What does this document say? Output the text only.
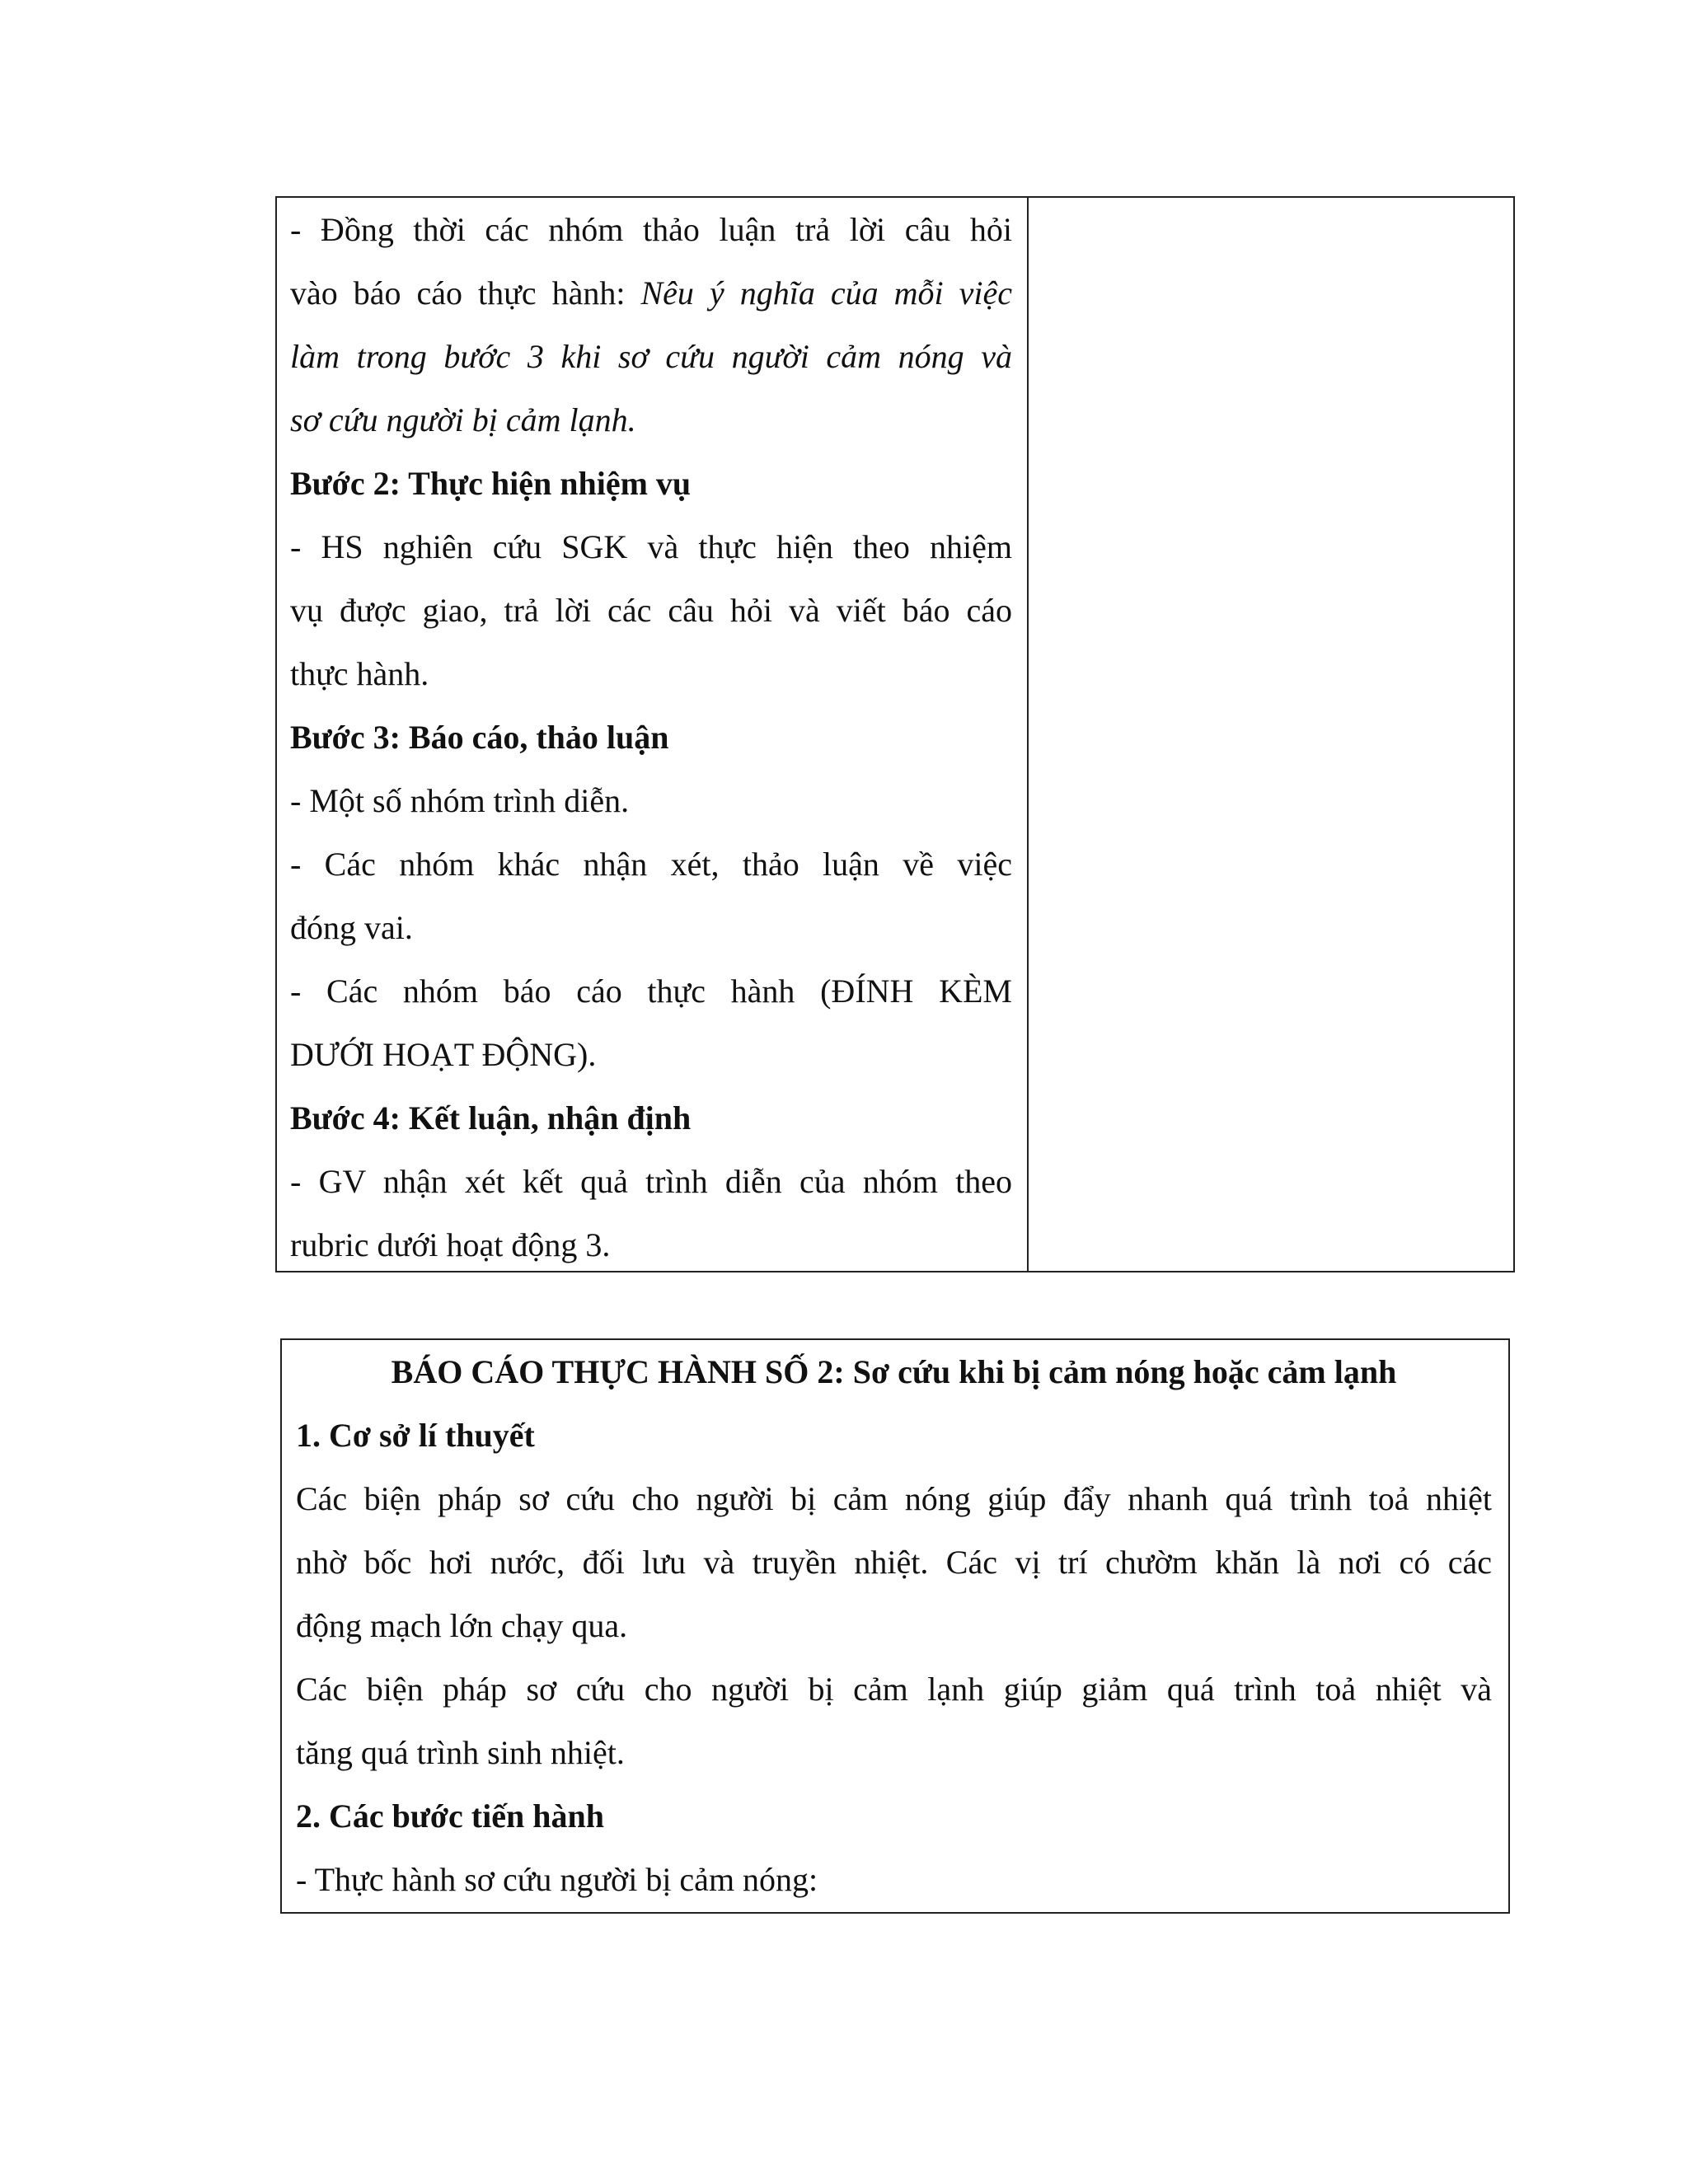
- Đồng thời các nhóm thảo luận trả lời câu hỏi
vào báo cáo thực hành: Nêu ý nghĩa của mỗi việc
làm trong bước 3 khi sơ cứu người cảm nóng và
sơ cứu người bị cảm lạnh.
Bước 2: Thực hiện nhiệm vụ
- HS nghiên cứu SGK và thực hiện theo nhiệm
vụ được giao, trả lời các câu hỏi và viết báo cáo
thực hành.
Bước 3: Báo cáo, thảo luận
- Một số nhóm trình diễn.
- Các nhóm khác nhận xét, thảo luận về việc
đóng vai.
- Các nhóm báo cáo thực hành (ĐÍNH KÈM
DƯỚI HOẠT ĐỘNG).
Bước 4: Kết luận, nhận định
- GV nhận xét kết quả trình diễn của nhóm theo
rubric dưới hoạt động 3.
BÁO CÁO THỰC HÀNH SỐ 2: Sơ cứu khi bị cảm nóng hoặc cảm lạnh
1. Cơ sở lí thuyết
Các biện pháp sơ cứu cho người bị cảm nóng giúp đẩy nhanh quá trình toả nhiệt
nhờ bốc hơi nước, đối lưu và truyền nhiệt. Các vị trí chườm khăn là nơi có các
động mạch lớn chạy qua.
Các biện pháp sơ cứu cho người bị cảm lạnh giúp giảm quá trình toả nhiệt và
tăng quá trình sinh nhiệt.
2. Các bước tiến hành
- Thực hành sơ cứu người bị cảm nóng:
